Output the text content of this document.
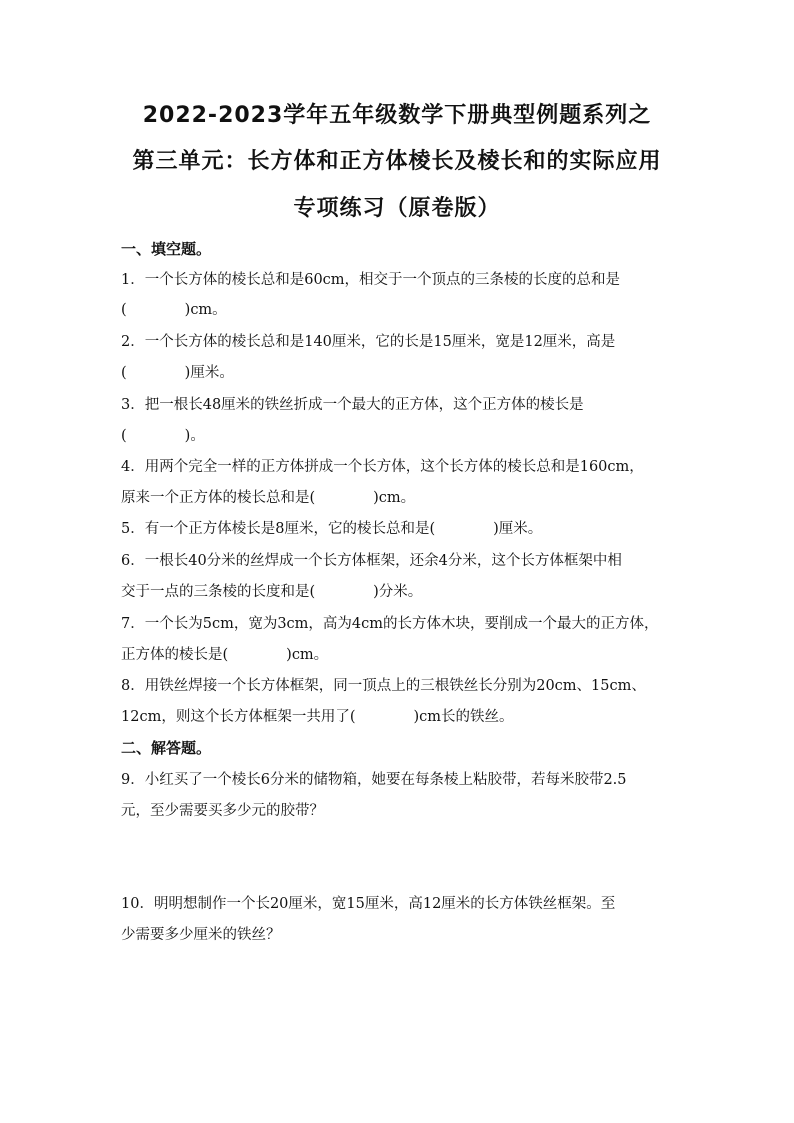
2022-2023学年五年级数学下册典型例题系列之
第三单元：长方体和正方体棱长及棱长和的实际应用
专项练习（原卷版）

一、填空题。

1．一个长方体的棱长总和是60cm，相交于一个顶点的三条棱的长度的总和是

(　　　　)cm。

2．一个长方体的棱长总和是140厘米，它的长是15厘米，宽是12厘米，高是

(　　　　)厘米。

3．把一根长48厘米的铁丝折成一个最大的正方体，这个正方体的棱长是

(　　　　)。

4．用两个完全一样的正方体拼成一个长方体，这个长方体的棱长总和是160cm，

原来一个正方体的棱长总和是(　　　　)cm。

5．有一个正方体棱长是8厘米，它的棱长总和是(　　　　)厘米。

6．一根长40分米的丝焊成一个长方体框架，还余4分米，这个长方体框架中相

交于一点的三条棱的长度和是(　　　　)分米。

7．一个长为5cm，宽为3cm，高为4cm的长方体木块，要削成一个最大的正方体，

正方体的棱长是(　　　　)cm。

8．用铁丝焊接一个长方体框架，同一顶点上的三根铁丝长分别为20cm、15cm、

12cm，则这个长方体框架一共用了(　　　　)cm长的铁丝。

二、解答题。

9．小红买了一个棱长6分米的储物箱，她要在每条棱上粘胶带，若每米胶带2.5

元，至少需要买多少元的胶带？

10．明明想制作一个长20厘米，宽15厘米，高12厘米的长方体铁丝框架。至

少需要多少厘米的铁丝？
